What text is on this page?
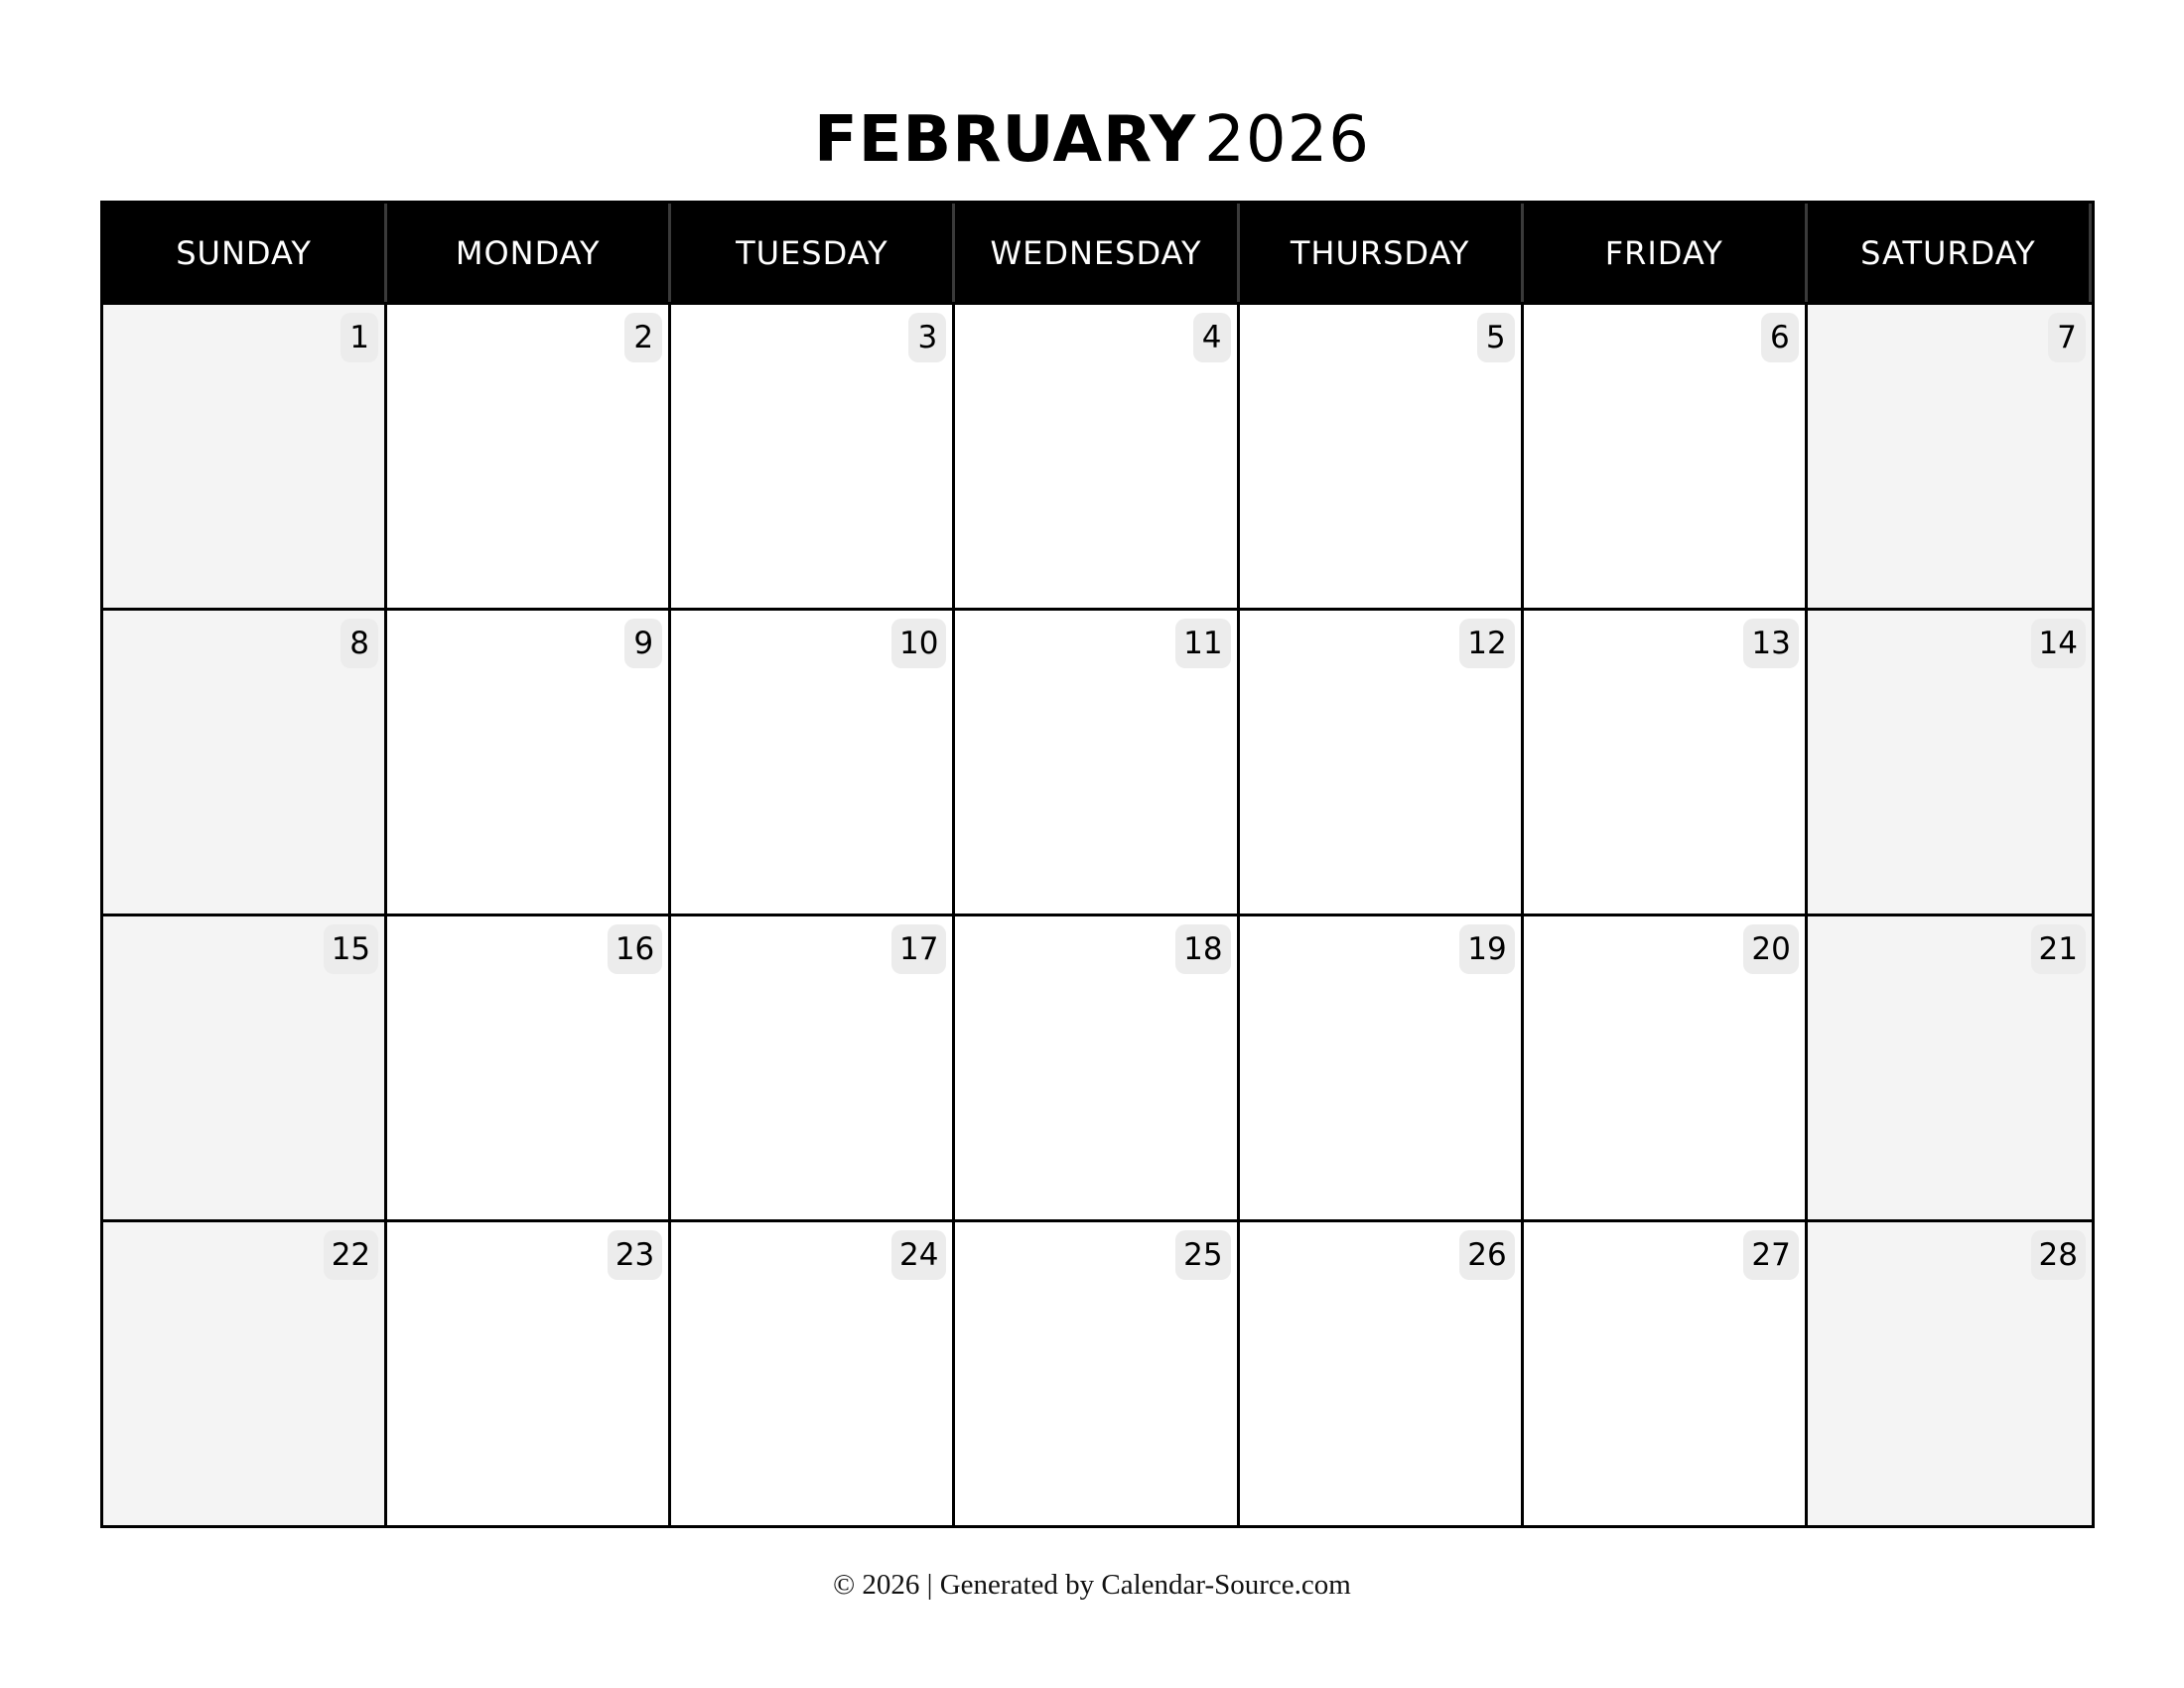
FEBRUARY 2026
SUNDAY	MONDAY	TUESDAY	WEDNESDAY	THURSDAY	FRIDAY	SATURDAY
1	2	3	4	5	6	7
8	9	10	11	12	13	14
15	16	17	18	19	20	21
22	23	24	25	26	27	28
© 2026 | Generated by Calendar-Source.com
